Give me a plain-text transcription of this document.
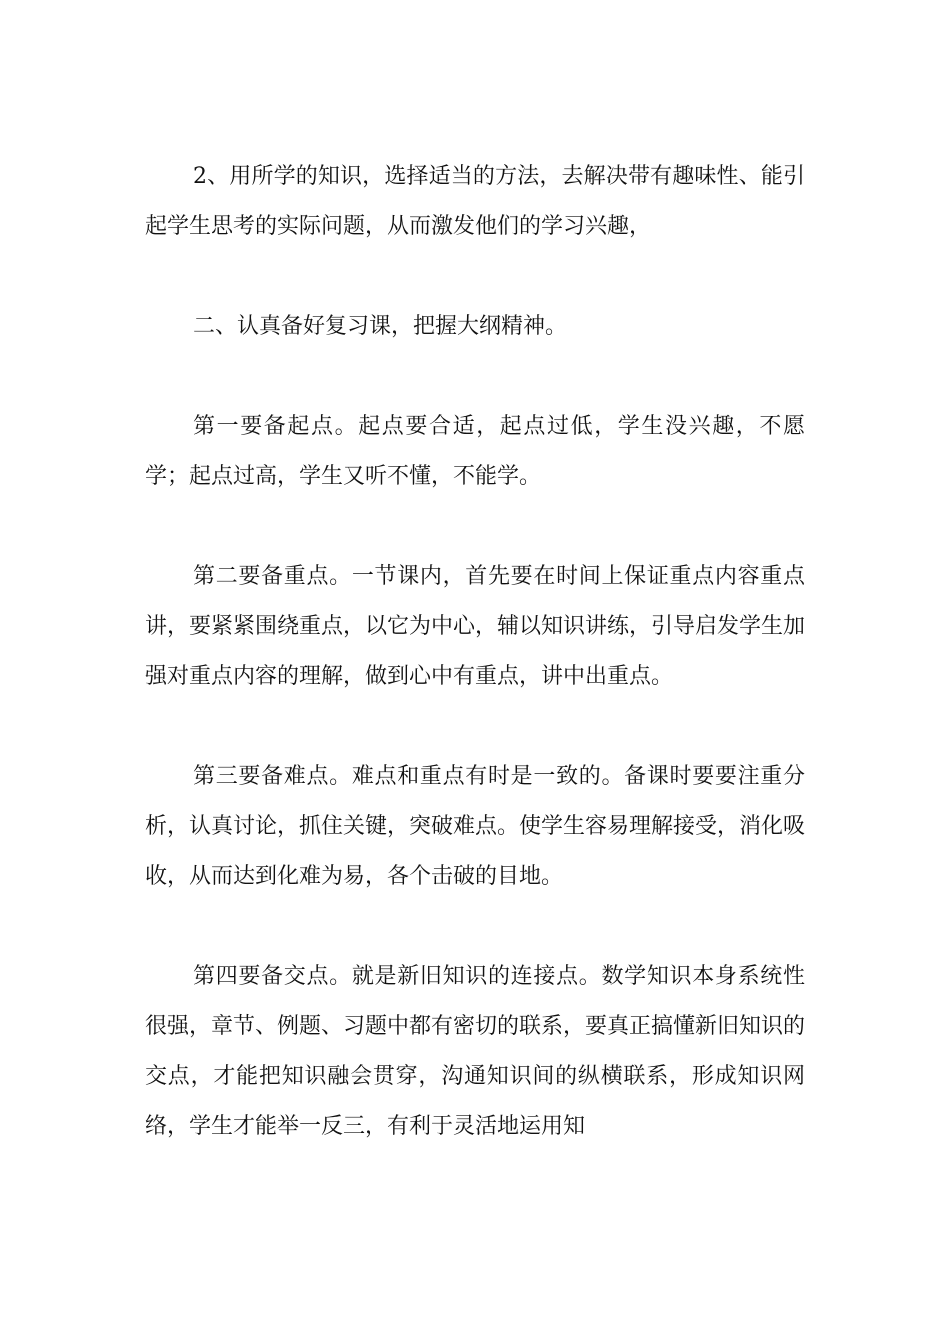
2、用所学的知识，选择适当的方法，去解决带有趣味性、能引起学生思考的实际问题，从而激发他们的学习兴趣，

二、认真备好复习课，把握大纲精神。

第一要备起点。起点要合适，起点过低，学生没兴趣，不愿学；起点过高，学生又听不懂，不能学。

第二要备重点。一节课内，首先要在时间上保证重点内容重点讲，要紧紧围绕重点，以它为中心，辅以知识讲练，引导启发学生加强对重点内容的理解，做到心中有重点，讲中出重点。

第三要备难点。难点和重点有时是一致的。备课时要要注重分析，认真讨论，抓住关键，突破难点。使学生容易理解接受，消化吸收，从而达到化难为易，各个击破的目地。

第四要备交点。就是新旧知识的连接点。数学知识本身系统性很强，章节、例题、习题中都有密切的联系，要真正搞懂新旧知识的交点，才能把知识融会贯穿，沟通知识间的纵横联系，形成知识网络，学生才能举一反三，有利于灵活地运用知
